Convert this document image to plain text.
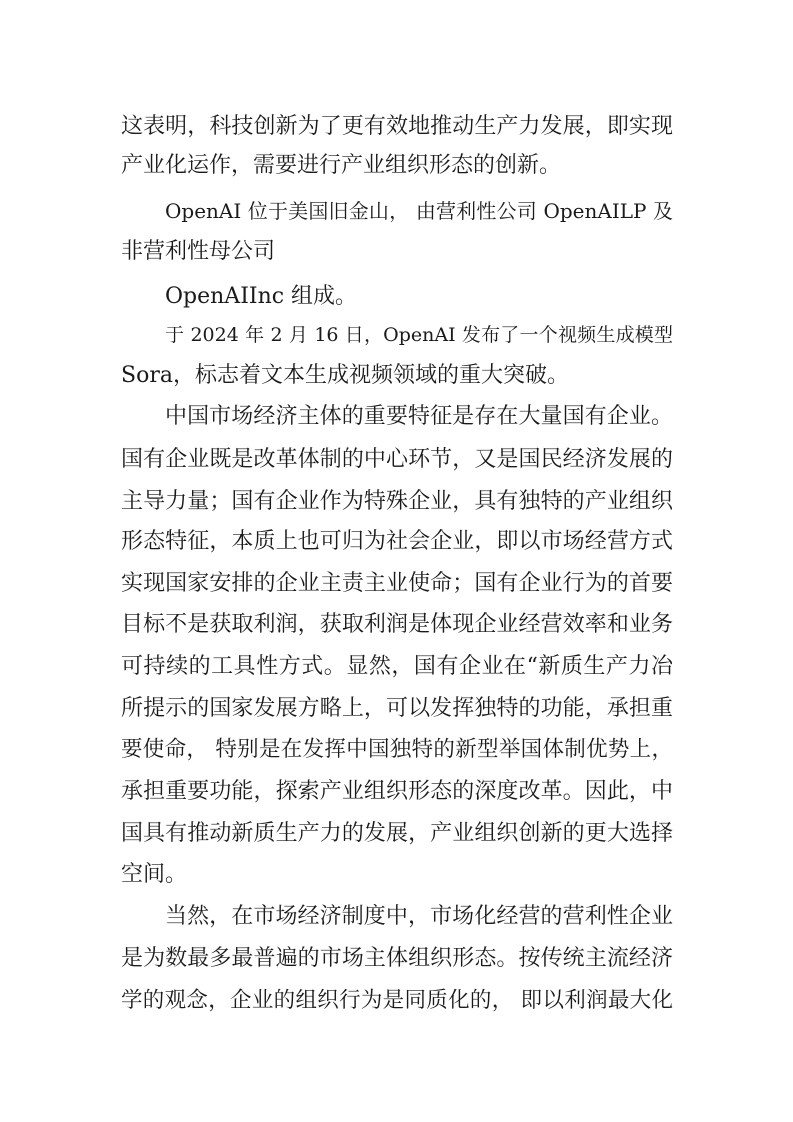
这表明，科技创新为了更有效地推动生产力发展，即实现
产业化运作，需要进行产业组织形态的创新。
OpenAI 位于美国旧金山， 由营利性公司 OpenAILP 及
非营利性母公司
OpenAIInc 组成。
于 2024 年 2 月 16 日，OpenAI 发布了一个视频生成模型
Sora，标志着文本生成视频领域的重大突破。
中国市场经济主体的重要特征是存在大量国有企业。
国有企业既是改革体制的中心环节，又是国民经济发展的
主导力量；国有企业作为特殊企业，具有独特的产业组织
形态特征，本质上也可归为社会企业，即以市场经营方式
实现国家安排的企业主责主业使命；国有企业行为的首要
目标不是获取利润，获取利润是体现企业经营效率和业务
可持续的工具性方式。显然，国有企业在“新质生产力冶
所提示的国家发展方略上，可以发挥独特的功能，承担重
要使命， 特别是在发挥中国独特的新型举国体制优势上，
承担重要功能，探索产业组织形态的深度改革。因此，中
国具有推动新质生产力的发展，产业组织创新的更大选择
空间。
当然，在市场经济制度中，市场化经营的营利性企业
是为数最多最普遍的市场主体组织形态。按传统主流经济
学的观念，企业的组织行为是同质化的， 即以利润最大化
